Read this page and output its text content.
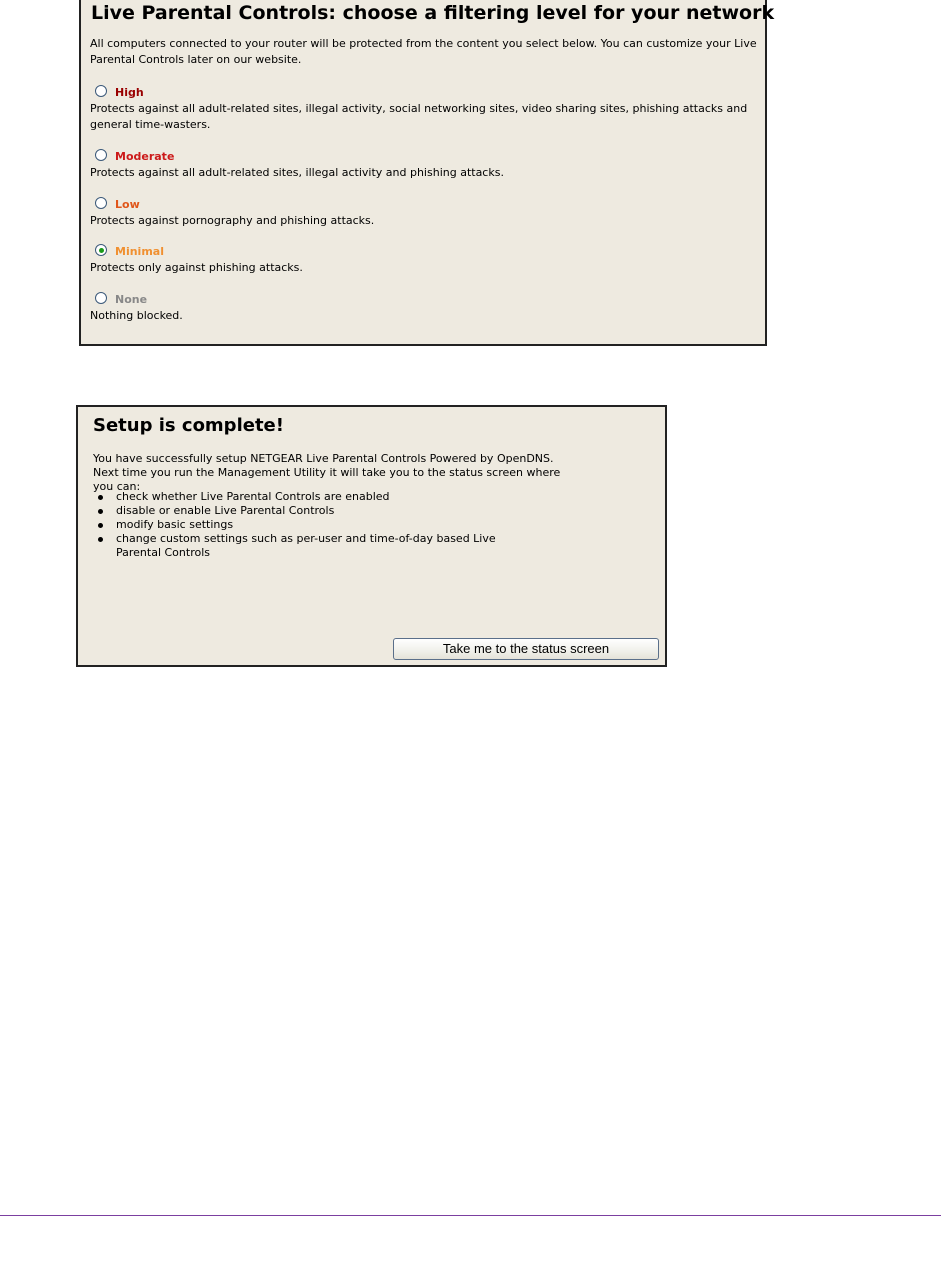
Live Parental Controls: choose a filtering level for your network
All computers connected to your router will be protected from the content you select below. You can customize your Live Parental Controls later on our website.
High
Protects against all adult-related sites, illegal activity, social networking sites, video sharing sites, phishing attacks and general time-wasters.
Moderate
Protects against all adult-related sites, illegal activity and phishing attacks.
Low
Protects against pornography and phishing attacks.
Minimal
Protects only against phishing attacks.
None
Nothing blocked.
Setup is complete!
You have successfully setup NETGEAR Live Parental Controls Powered by OpenDNS. Next time you run the Management Utility it will take you to the status screen where you can:
check whether Live Parental Controls are enabled
disable or enable Live Parental Controls
modify basic settings
change custom settings such as per-user and time-of-day based Live Parental Controls
Take me to the status screen
